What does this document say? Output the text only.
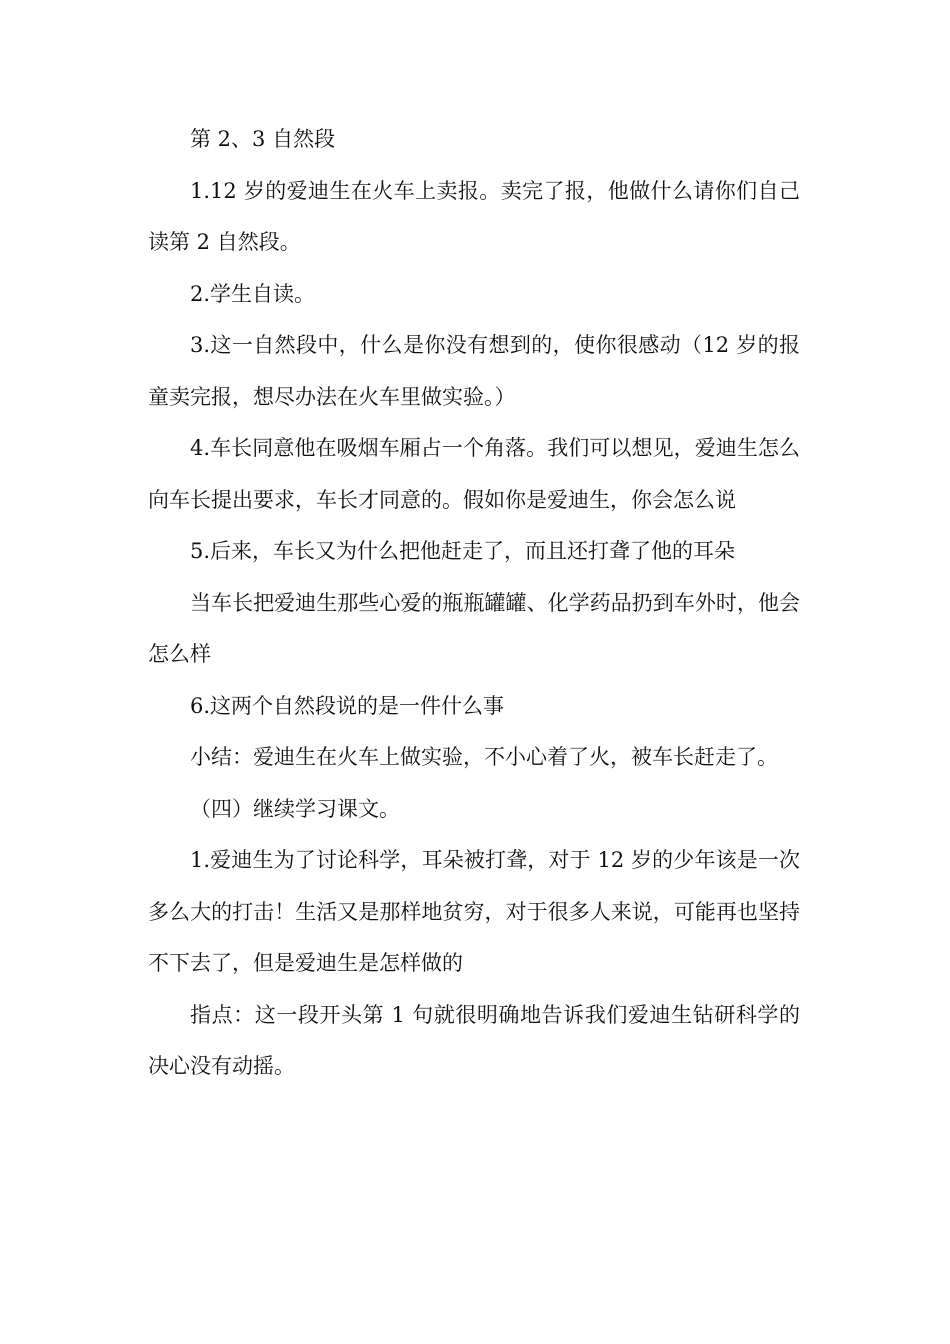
第 2、3 自然段

1.12 岁的爱迪生在火车上卖报。卖完了报，他做什么请你们自己读第 2 自然段。

2.学生自读。

3.这一自然段中，什么是你没有想到的，使你很感动（12 岁的报童卖完报，想尽办法在火车里做实验。）

4.车长同意他在吸烟车厢占一个角落。我们可以想见，爱迪生怎么向车长提出要求，车长才同意的。假如你是爱迪生，你会怎么说

5.后来，车长又为什么把他赶走了，而且还打聋了他的耳朵

当车长把爱迪生那些心爱的瓶瓶罐罐、化学药品扔到车外时，他会怎么样

6.这两个自然段说的是一件什么事

小结：爱迪生在火车上做实验，不小心着了火，被车长赶走了。

（四）继续学习课文。

1.爱迪生为了讨论科学，耳朵被打聋，对于 12 岁的少年该是一次多么大的打击！生活又是那样地贫穷，对于很多人来说，可能再也坚持不下去了，但是爱迪生是怎样做的

指点：这一段开头第 1 句就很明确地告诉我们爱迪生钻研科学的决心没有动摇。
